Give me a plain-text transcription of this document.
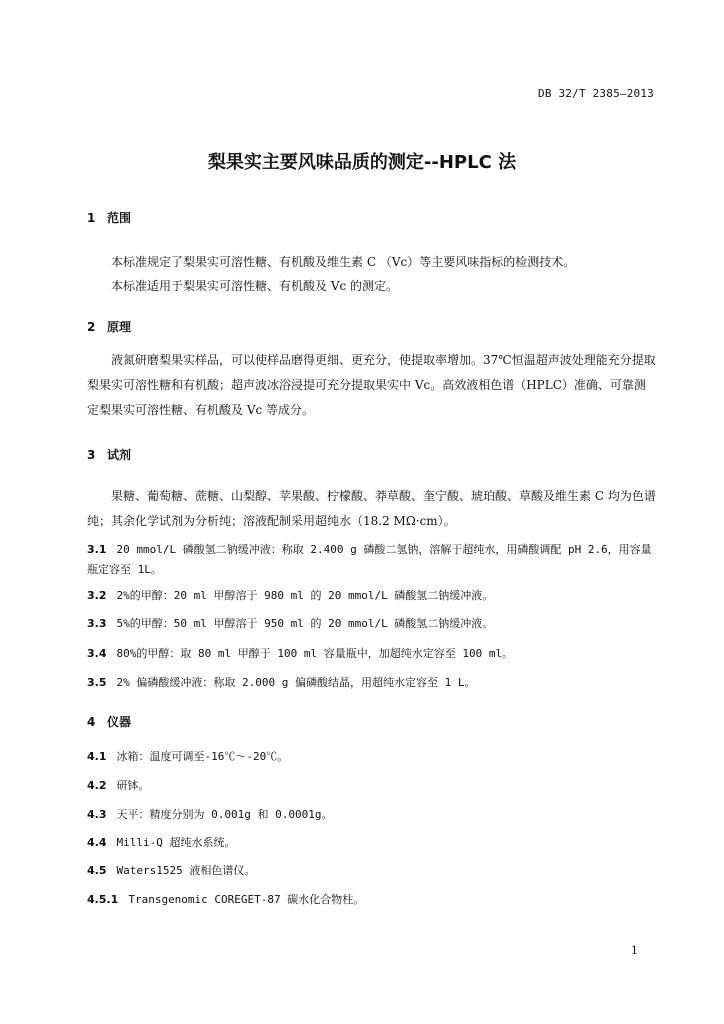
DB 32/T 2385—2013
梨果实主要风味品质的测定--HPLC 法
1 范围

本标准规定了梨果实可溶性糖、有机酸及维生素 C （Vc）等主要风味指标的检测技术。

本标准适用于梨果实可溶性糖、有机酸及 Vc 的测定。

2 原理

液氮研磨梨果实样品，可以使样品磨得更细、更充分，使提取率增加。37℃恒温超声波处理能充分提取梨果实可溶性糖和有机酸；超声波冰浴浸提可充分提取果实中 Vc。高效液相色谱（HPLC）准确、可靠测定梨果实可溶性糖、有机酸及 Vc 等成分。

3 试剂

果糖、葡萄糖、蔗糖、山梨醇、苹果酸、柠檬酸、莽草酸、奎宁酸、琥珀酸、草酸及维生素 C 均为色谱纯；其余化学试剂为分析纯；溶液配制采用超纯水（18.2 MΩ·cm）。

3.1 20 mmol/L 磷酸氢二钠缓冲液：称取 2.400 g 磷酸二氢钠，溶解于超纯水，用磷酸调配 pH 2.6，用容量瓶定容至 1L。
3.2 2%的甲醇：20 ml 甲醇溶于 980 ml 的 20 mmol/L 磷酸氢二钠缓冲液。
3.3 5%的甲醇：50 ml 甲醇溶于 950 ml 的 20 mmol/L 磷酸氢二钠缓冲液。
3.4 80%的甲醇：取 80 ml 甲醇于 100 ml 容量瓶中，加超纯水定容至 100 ml。
3.5 2% 偏磷酸缓冲液：称取 2.000 g 偏磷酸结晶，用超纯水定容至 1 L。
4 仪器
4.1 冰箱：温度可调至-16℃～-20℃。
4.2 研钵。
4.3 天平：精度分别为 0.001g 和 0.0001g。
4.4 Milli-Q 超纯水系统。
4.5 Waters1525 液相色谱仪。
4.5.1 Transgenomic COREGET-87 碳水化合物柱。
1
